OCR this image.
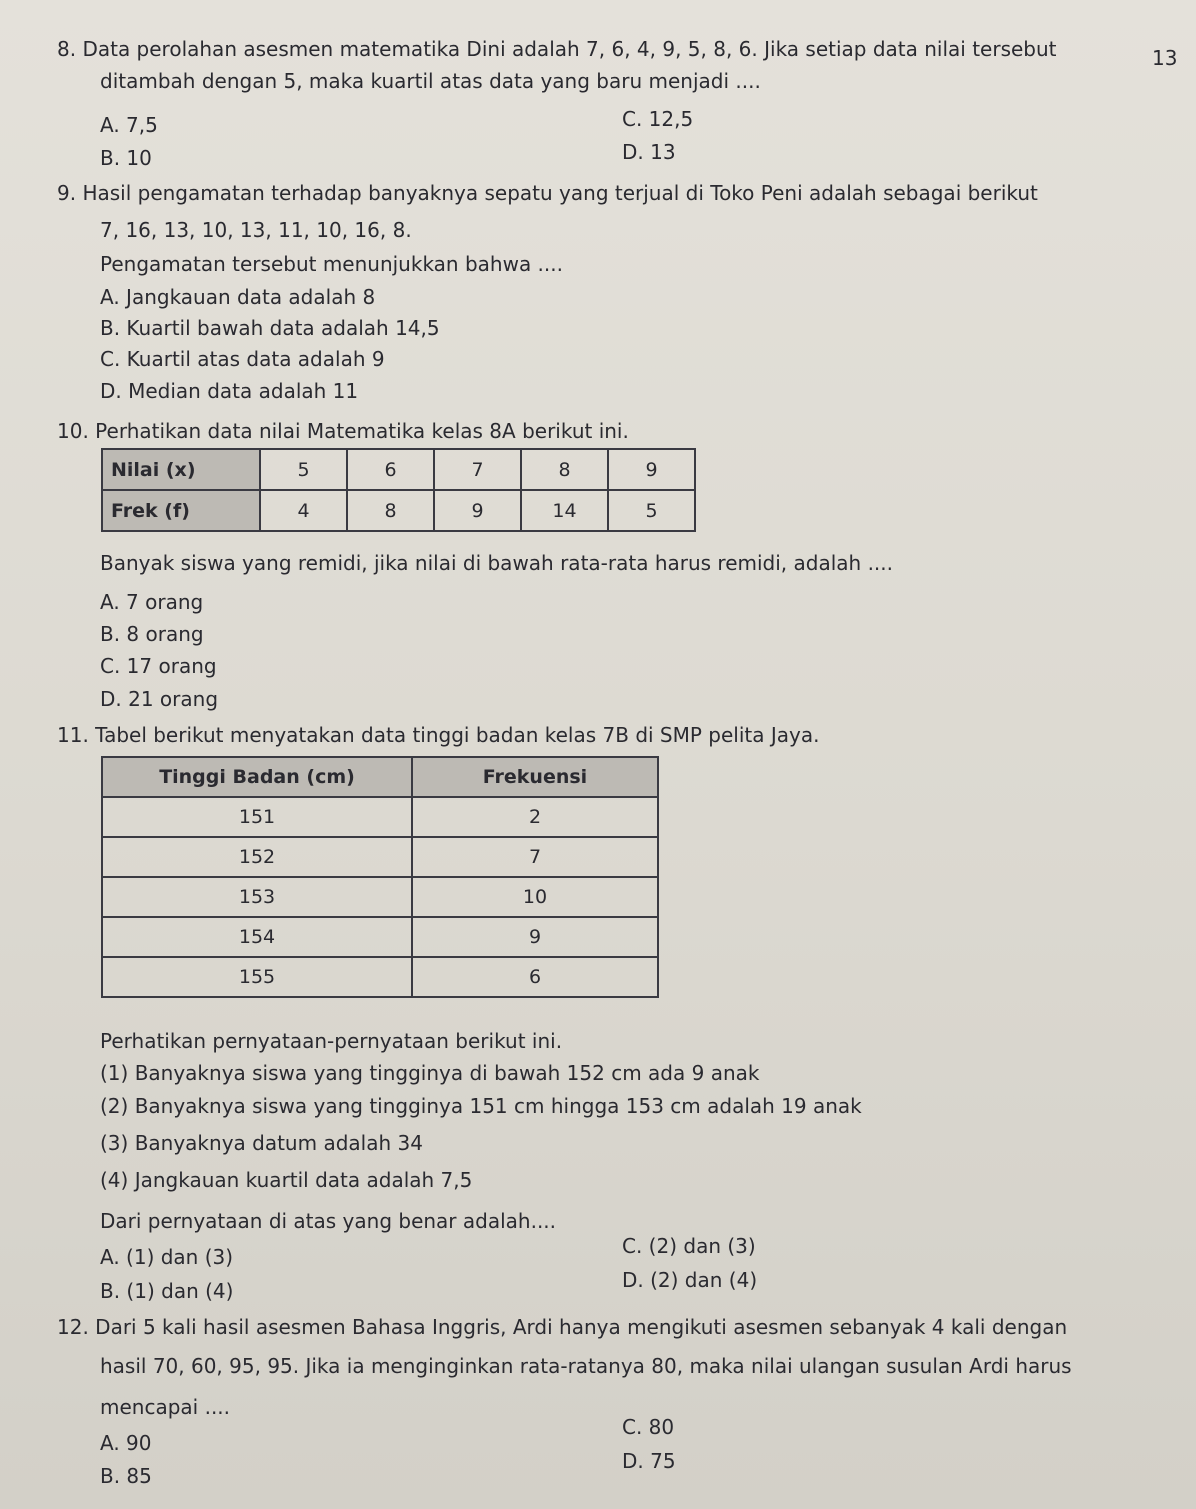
13
8. Data perolahan asesmen matematika Dini adalah 7, 6, 4, 9, 5, 8, 6. Jika setiap data nilai tersebut
ditambah dengan 5, maka kuartil atas data yang baru menjadi ....
A. 7,5
B. 10
C. 12,5
D. 13
9. Hasil pengamatan terhadap banyaknya sepatu yang terjual di Toko Peni adalah sebagai berikut
7, 16, 13, 10, 13, 11, 10, 16, 8.
Pengamatan tersebut menunjukkan bahwa ....
A. Jangkauan data adalah 8
B. Kuartil bawah data adalah 14,5
C. Kuartil atas data adalah 9
D. Median data adalah 11
10. Perhatikan data nilai Matematika kelas 8A berikut ini.
Nilai (x)	5	6	7	8	9
Frek (f)	4	8	9	14	5
Banyak siswa yang remidi, jika nilai di bawah rata-rata harus remidi, adalah ....
A. 7 orang
B. 8 orang
C. 17 orang
D. 21 orang
11. Tabel berikut menyatakan data tinggi badan kelas 7B di SMP pelita Jaya.
Tinggi Badan (cm)	Frekuensi
151	2
152	7
153	10
154	9
155	6
Perhatikan pernyataan-pernyataan berikut ini.
(1) Banyaknya siswa yang tingginya di bawah 152 cm ada 9 anak
(2) Banyaknya siswa yang tingginya 151 cm hingga 153 cm adalah 19 anak
(3) Banyaknya datum adalah 34
(4) Jangkauan kuartil data adalah 7,5
Dari pernyataan di atas yang benar adalah....
A. (1) dan (3)
B. (1) dan (4)
C. (2) dan (3)
D. (2) dan (4)
12. Dari 5 kali hasil asesmen Bahasa Inggris, Ardi hanya mengikuti asesmen sebanyak 4 kali dengan
hasil 70, 60, 95, 95. Jika ia menginginkan rata-ratanya 80, maka nilai ulangan susulan Ardi harus
mencapai ....
A. 90
B. 85
C. 80
D. 75
